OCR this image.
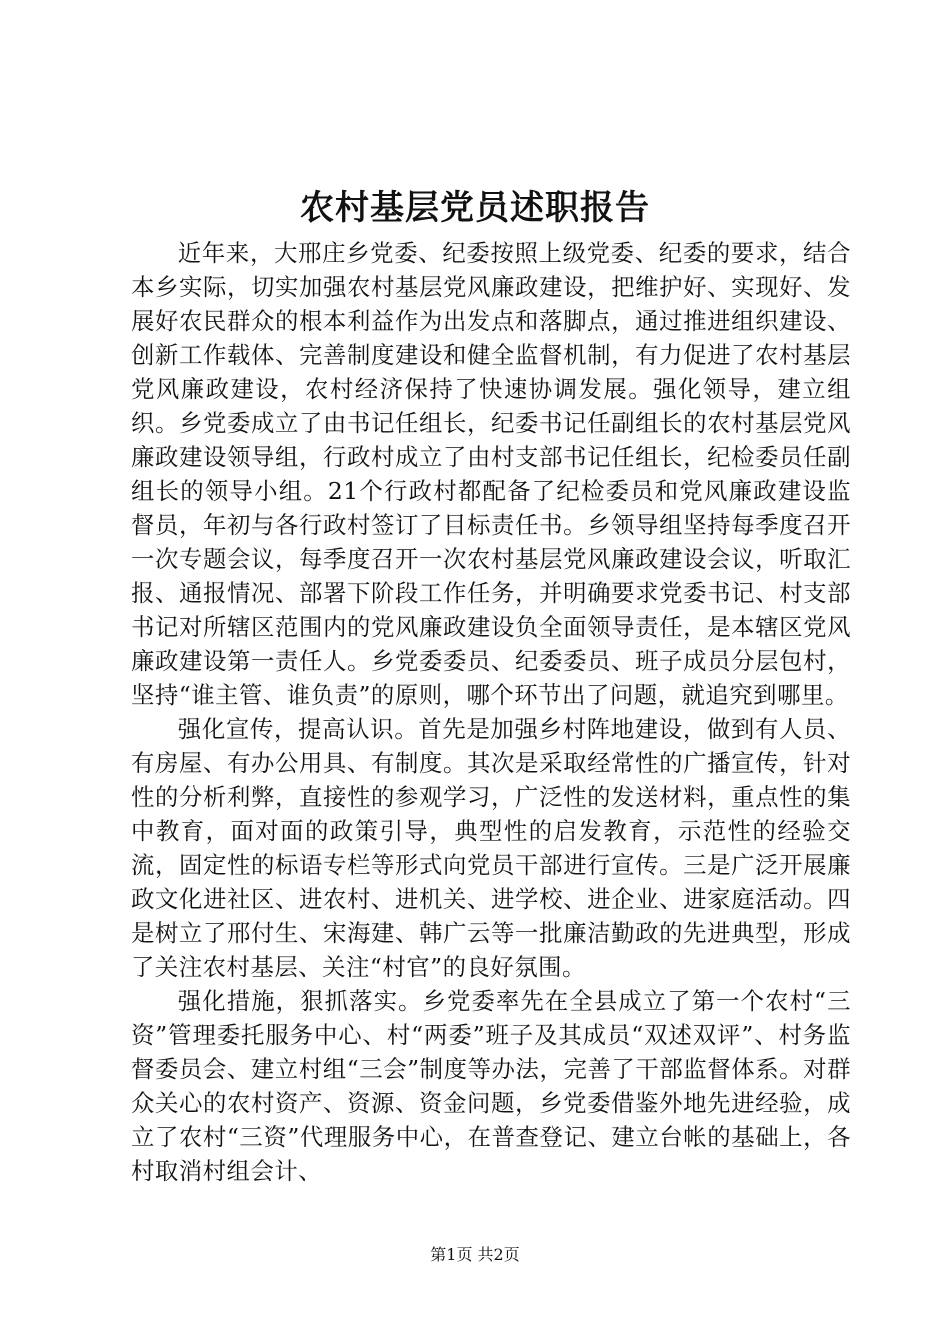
农村基层党员述职报告

近年来，大邢庄乡党委、纪委按照上级党委、纪委的要求，结合本乡实际，切实加强农村基层党风廉政建设，把维护好、实现好、发展好农民群众的根本利益作为出发点和落脚点，通过推进组织建设、创新工作载体、完善制度建设和健全监督机制，有力促进了农村基层党风廉政建设，农村经济保持了快速协调发展。强化领导，建立组织。乡党委成立了由书记任组长，纪委书记任副组长的农村基层党风廉政建设领导组，行政村成立了由村支部书记任组长，纪检委员任副组长的领导小组。21个行政村都配备了纪检委员和党风廉政建设监督员，年初与各行政村签订了目标责任书。乡领导组坚持每季度召开一次专题会议，每季度召开一次农村基层党风廉政建设会议，听取汇报、通报情况、部署下阶段工作任务，并明确要求党委书记、村支部书记对所辖区范围内的党风廉政建设负全面领导责任，是本辖区党风廉政建设第一责任人。乡党委委员、纪委委员、班子成员分层包村，坚持“谁主管、谁负责”的原则，哪个环节出了问题，就追究到哪里。

强化宣传，提高认识。首先是加强乡村阵地建设，做到有人员、有房屋、有办公用具、有制度。其次是采取经常性的广播宣传，针对性的分析利弊，直接性的参观学习，广泛性的发送材料，重点性的集中教育，面对面的政策引导，典型性的启发教育，示范性的经验交流，固定性的标语专栏等形式向党员干部进行宣传。三是广泛开展廉政文化进社区、进农村、进机关、进学校、进企业、进家庭活动。四是树立了邢付生、宋海建、韩广云等一批廉洁勤政的先进典型，形成了关注农村基层、关注“村官”的良好氛围。

强化措施，狠抓落实。乡党委率先在全县成立了第一个农村“三资”管理委托服务中心、村“两委”班子及其成员“双述双评”、村务监督委员会、建立村组“三会”制度等办法，完善了干部监督体系。对群众关心的农村资产、资源、资金问题，乡党委借鉴外地先进经验，成立了农村“三资”代理服务中心，在普查登记、建立台帐的基础上，各村取消村组会计、

第1页 共2页
